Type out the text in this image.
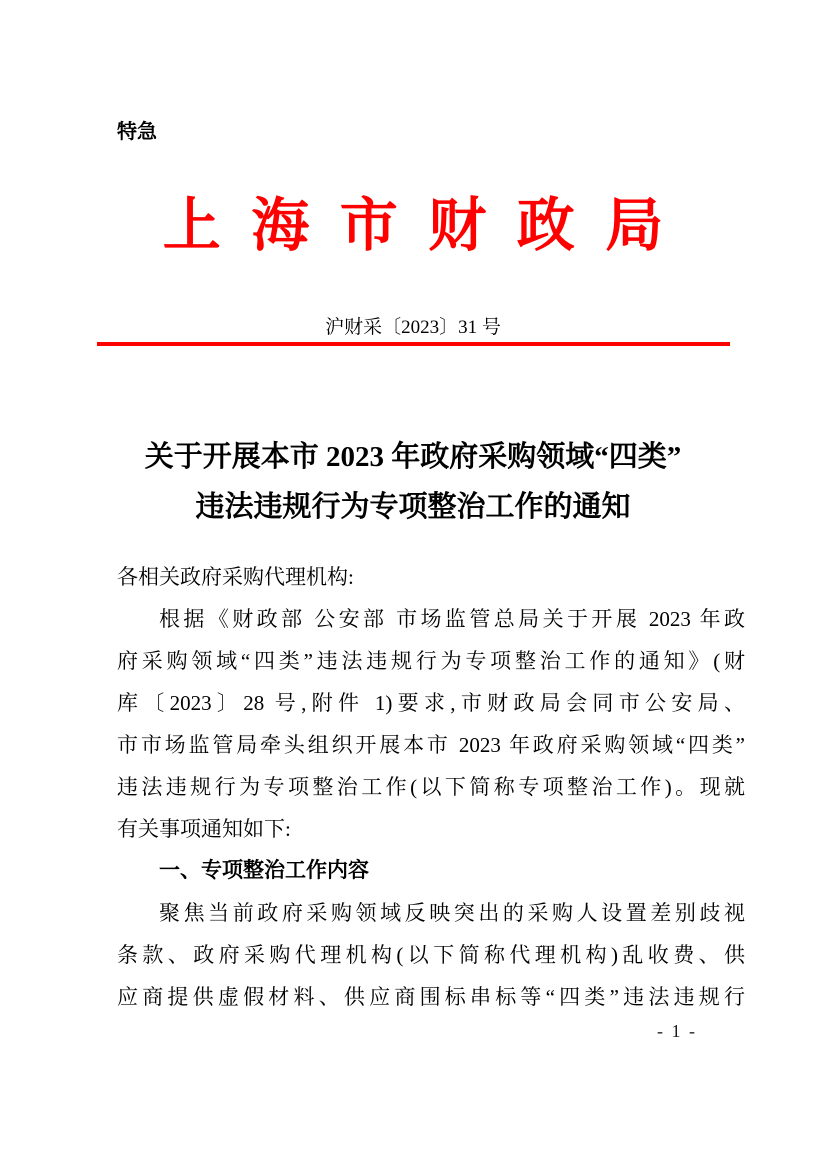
特急
上 海 市 财 政 局
沪财采〔2023〕31 号
关于开展本市 2023 年政府采购领域“四类”
违法违规行为专项整治工作的通知
各相关政府采购代理机构:
根据《财政部 公安部 市场监管总局关于开展 2023 年政
府采购领域“四类”违法违规行为专项整治工作的通知》(财
库〔2023〕28 号,附件 1)要求,市财政局会同市公安局、
市市场监管局牵头组织开展本市 2023 年政府采购领域“四类”
违法违规行为专项整治工作(以下简称专项整治工作)。现就
有关事项通知如下:
一、专项整治工作内容
聚焦当前政府采购领域反映突出的采购人设置差别歧视
条款、政府采购代理机构(以下简称代理机构)乱收费、供
应商提供虚假材料、供应商围标串标等“四类”违法违规行
- 1 -
